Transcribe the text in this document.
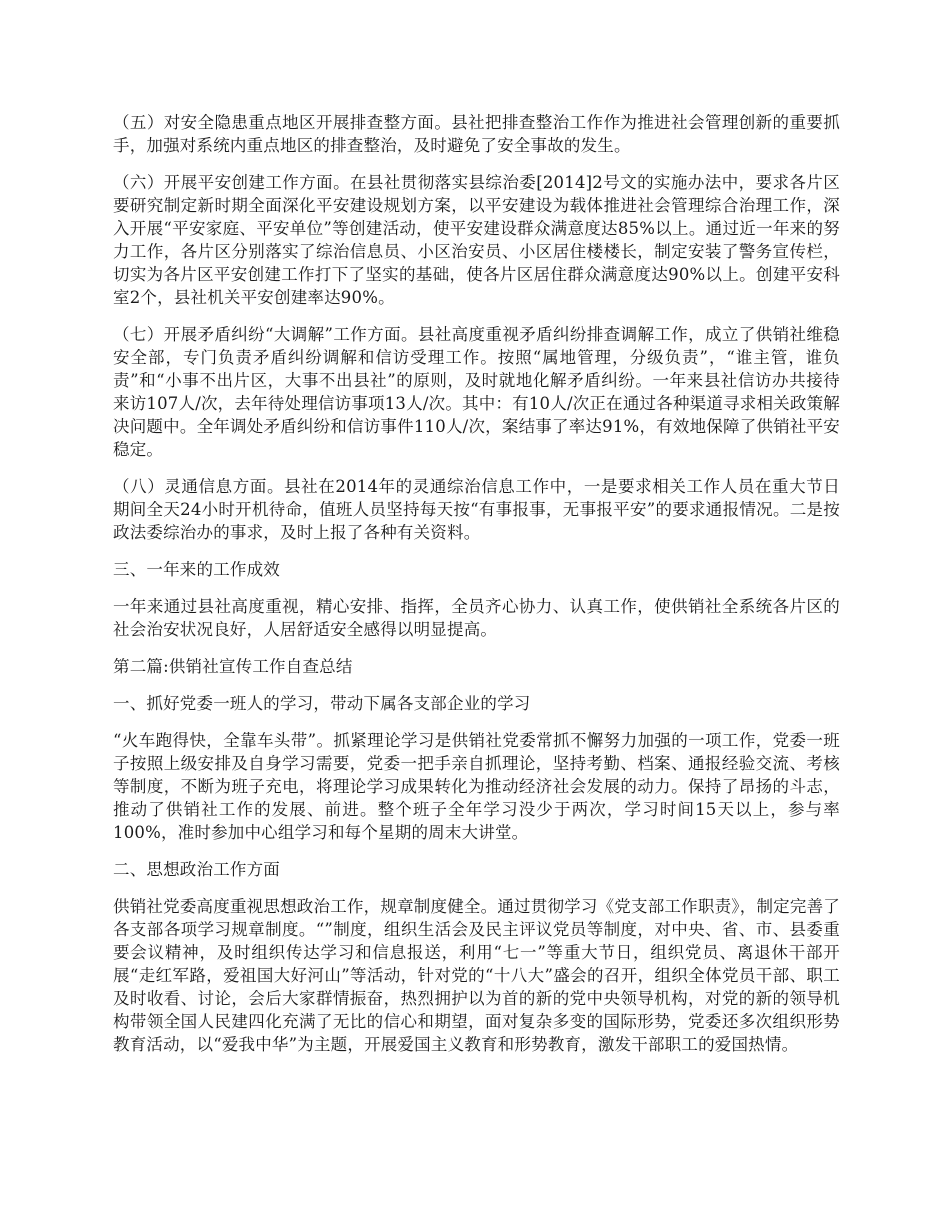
（五）对安全隐患重点地区开展排查整方面。县社把排查整治工作作为推进社会管理创新的重要抓手，加强对系统内重点地区的排查整治，及时避免了安全事故的发生。

（六）开展平安创建工作方面。在县社贯彻落实县综治委[2014]2号文的实施办法中，要求各片区要研究制定新时期全面深化平安建设规划方案，以平安建设为载体推进社会管理综合治理工作，深入开展“平安家庭、平安单位”等创建活动，使平安建设群众满意度达85%以上。通过近一年来的努力工作，各片区分别落实了综治信息员、小区治安员、小区居住楼楼长，制定安装了警务宣传栏，切实为各片区平安创建工作打下了坚实的基础，使各片区居住群众满意度达90%以上。创建平安科室2个，县社机关平安创建率达90%。

（七）开展矛盾纠纷“大调解”工作方面。县社高度重视矛盾纠纷排查调解工作，成立了供销社维稳安全部，专门负责矛盾纠纷调解和信访受理工作。按照“属地管理，分级负责”，“谁主管，谁负责”和“小事不出片区，大事不出县社”的原则，及时就地化解矛盾纠纷。一年来县社信访办共接待来访107人/次，去年待处理信访事项13人/次。其中：有10人/次正在通过各种渠道寻求相关政策解决问题中。全年调处矛盾纠纷和信访事件110人/次，案结事了率达91%，有效地保障了供销社平安稳定。

（八）灵通信息方面。县社在2014年的灵通综治信息工作中，一是要求相关工作人员在重大节日期间全天24小时开机待命，值班人员坚持每天按“有事报事，无事报平安”的要求通报情况。二是按政法委综治办的事求，及时上报了各种有关资料。

三、一年来的工作成效

一年来通过县社高度重视，精心安排、指挥，全员齐心协力、认真工作，使供销社全系统各片区的社会治安状况良好，人居舒适安全感得以明显提高。

第二篇:供销社宣传工作自查总结

一、抓好党委一班人的学习，带动下属各支部企业的学习

“火车跑得快，全靠车头带”。抓紧理论学习是供销社党委常抓不懈努力加强的一项工作，党委一班子按照上级安排及自身学习需要，党委一把手亲自抓理论，坚持考勤、档案、通报经验交流、考核等制度，不断为班子充电，将理论学习成果转化为推动经济社会发展的动力。保持了昂扬的斗志，推动了供销社工作的发展、前进。整个班子全年学习没少于两次，学习时间15天以上，参与率100%，准时参加中心组学习和每个星期的周末大讲堂。

二、思想政治工作方面

供销社党委高度重视思想政治工作，规章制度健全。通过贯彻学习《党支部工作职责》，制定完善了各支部各项学习规章制度。“”制度，组织生活会及民主评议党员等制度，对中央、省、市、县委重要会议精神，及时组织传达学习和信息报送，利用“七一”等重大节日，组织党员、离退休干部开展“走红军路，爱祖国大好河山”等活动，针对党的“十八大”盛会的召开，组织全体党员干部、职工及时收看、讨论，会后大家群情振奋，热烈拥护以为首的新的党中央领导机构，对党的新的领导机构带领全国人民建四化充满了无比的信心和期望，面对复杂多变的国际形势，党委还多次组织形势教育活动，以“爱我中华”为主题，开展爱国主义教育和形势教育，激发干部职工的爱国热情。
